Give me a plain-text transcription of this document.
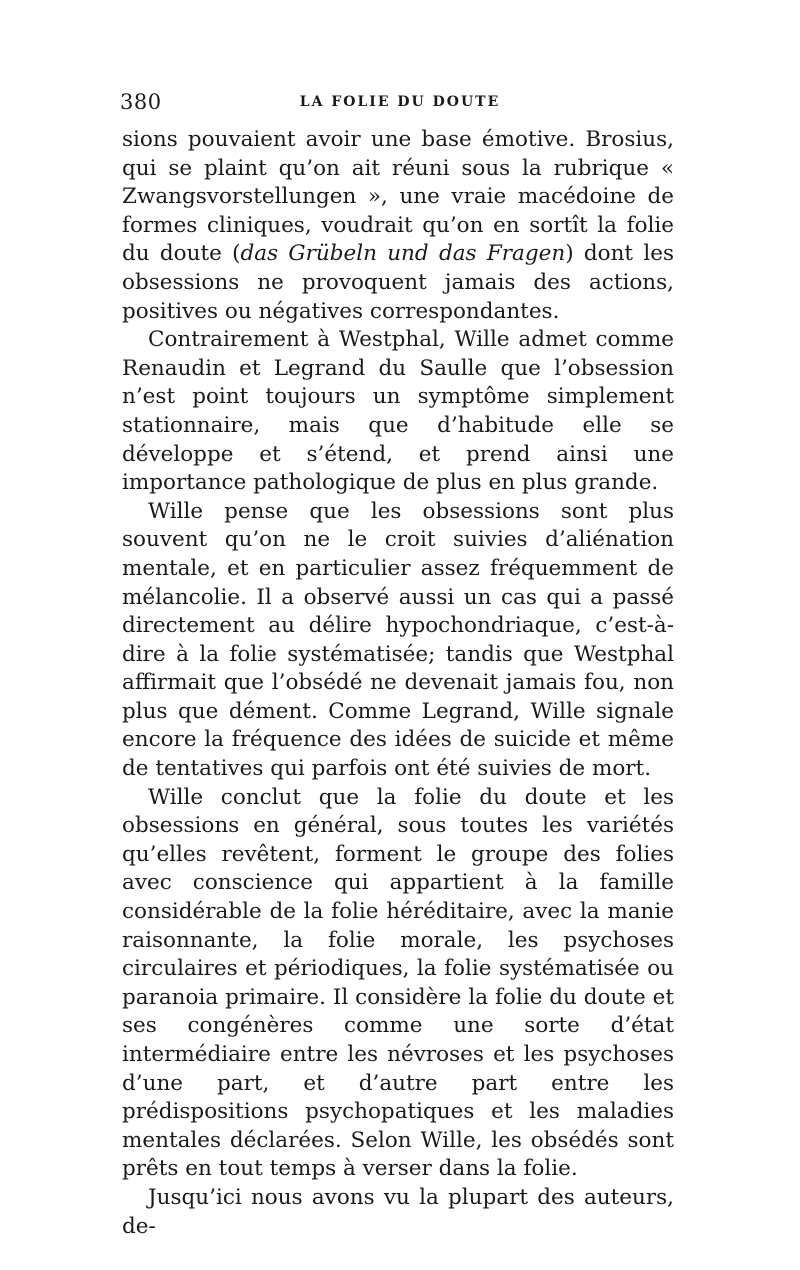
380	LA FOLIE DU DOUTE

sions pouvaient avoir une base émotive. Brosius, qui se plaint qu’on ait réuni sous la rubrique « Zwangsvorstellungen », une vraie macédoine de formes cliniques, voudrait qu’on en sortît la folie du doute (das Grübeln und das Fragen) dont les obsessions ne provoquent jamais des actions, positives ou négatives correspondantes.

Contrairement à Westphal, Wille admet comme Renaudin et Legrand du Saulle que l’obsession n’est point toujours un symptôme simplement stationnaire, mais que d’habitude elle se développe et s’étend, et prend ainsi une importance pathologique de plus en plus grande.

Wille pense que les obsessions sont plus souvent qu’on ne le croit suivies d’aliénation mentale, et en particulier assez fréquemment de mélancolie. Il a observé aussi un cas qui a passé directement au délire hypochondriaque, c’est-à-dire à la folie systématisée; tandis que Westphal affirmait que l’obsédé ne devenait jamais fou, non plus que dément. Comme Legrand, Wille signale encore la fréquence des idées de suicide et même de tentatives qui parfois ont été suivies de mort.

Wille conclut que la folie du doute et les obsessions en général, sous toutes les variétés qu’elles revêtent, forment le groupe des folies avec conscience qui appartient à la famille considérable de la folie héréditaire, avec la manie raisonnante, la folie morale, les psychoses circulaires et périodiques, la folie systématisée ou paranoia primaire. Il considère la folie du doute et ses congénères comme une sorte d’état intermédiaire entre les névroses et les psychoses d’une part, et d’autre part entre les prédispositions psychopatiques et les maladies mentales déclarées. Selon Wille, les obsédés sont prêts en tout temps à verser dans la folie.

Jusqu’ici nous avons vu la plupart des auteurs, de-
